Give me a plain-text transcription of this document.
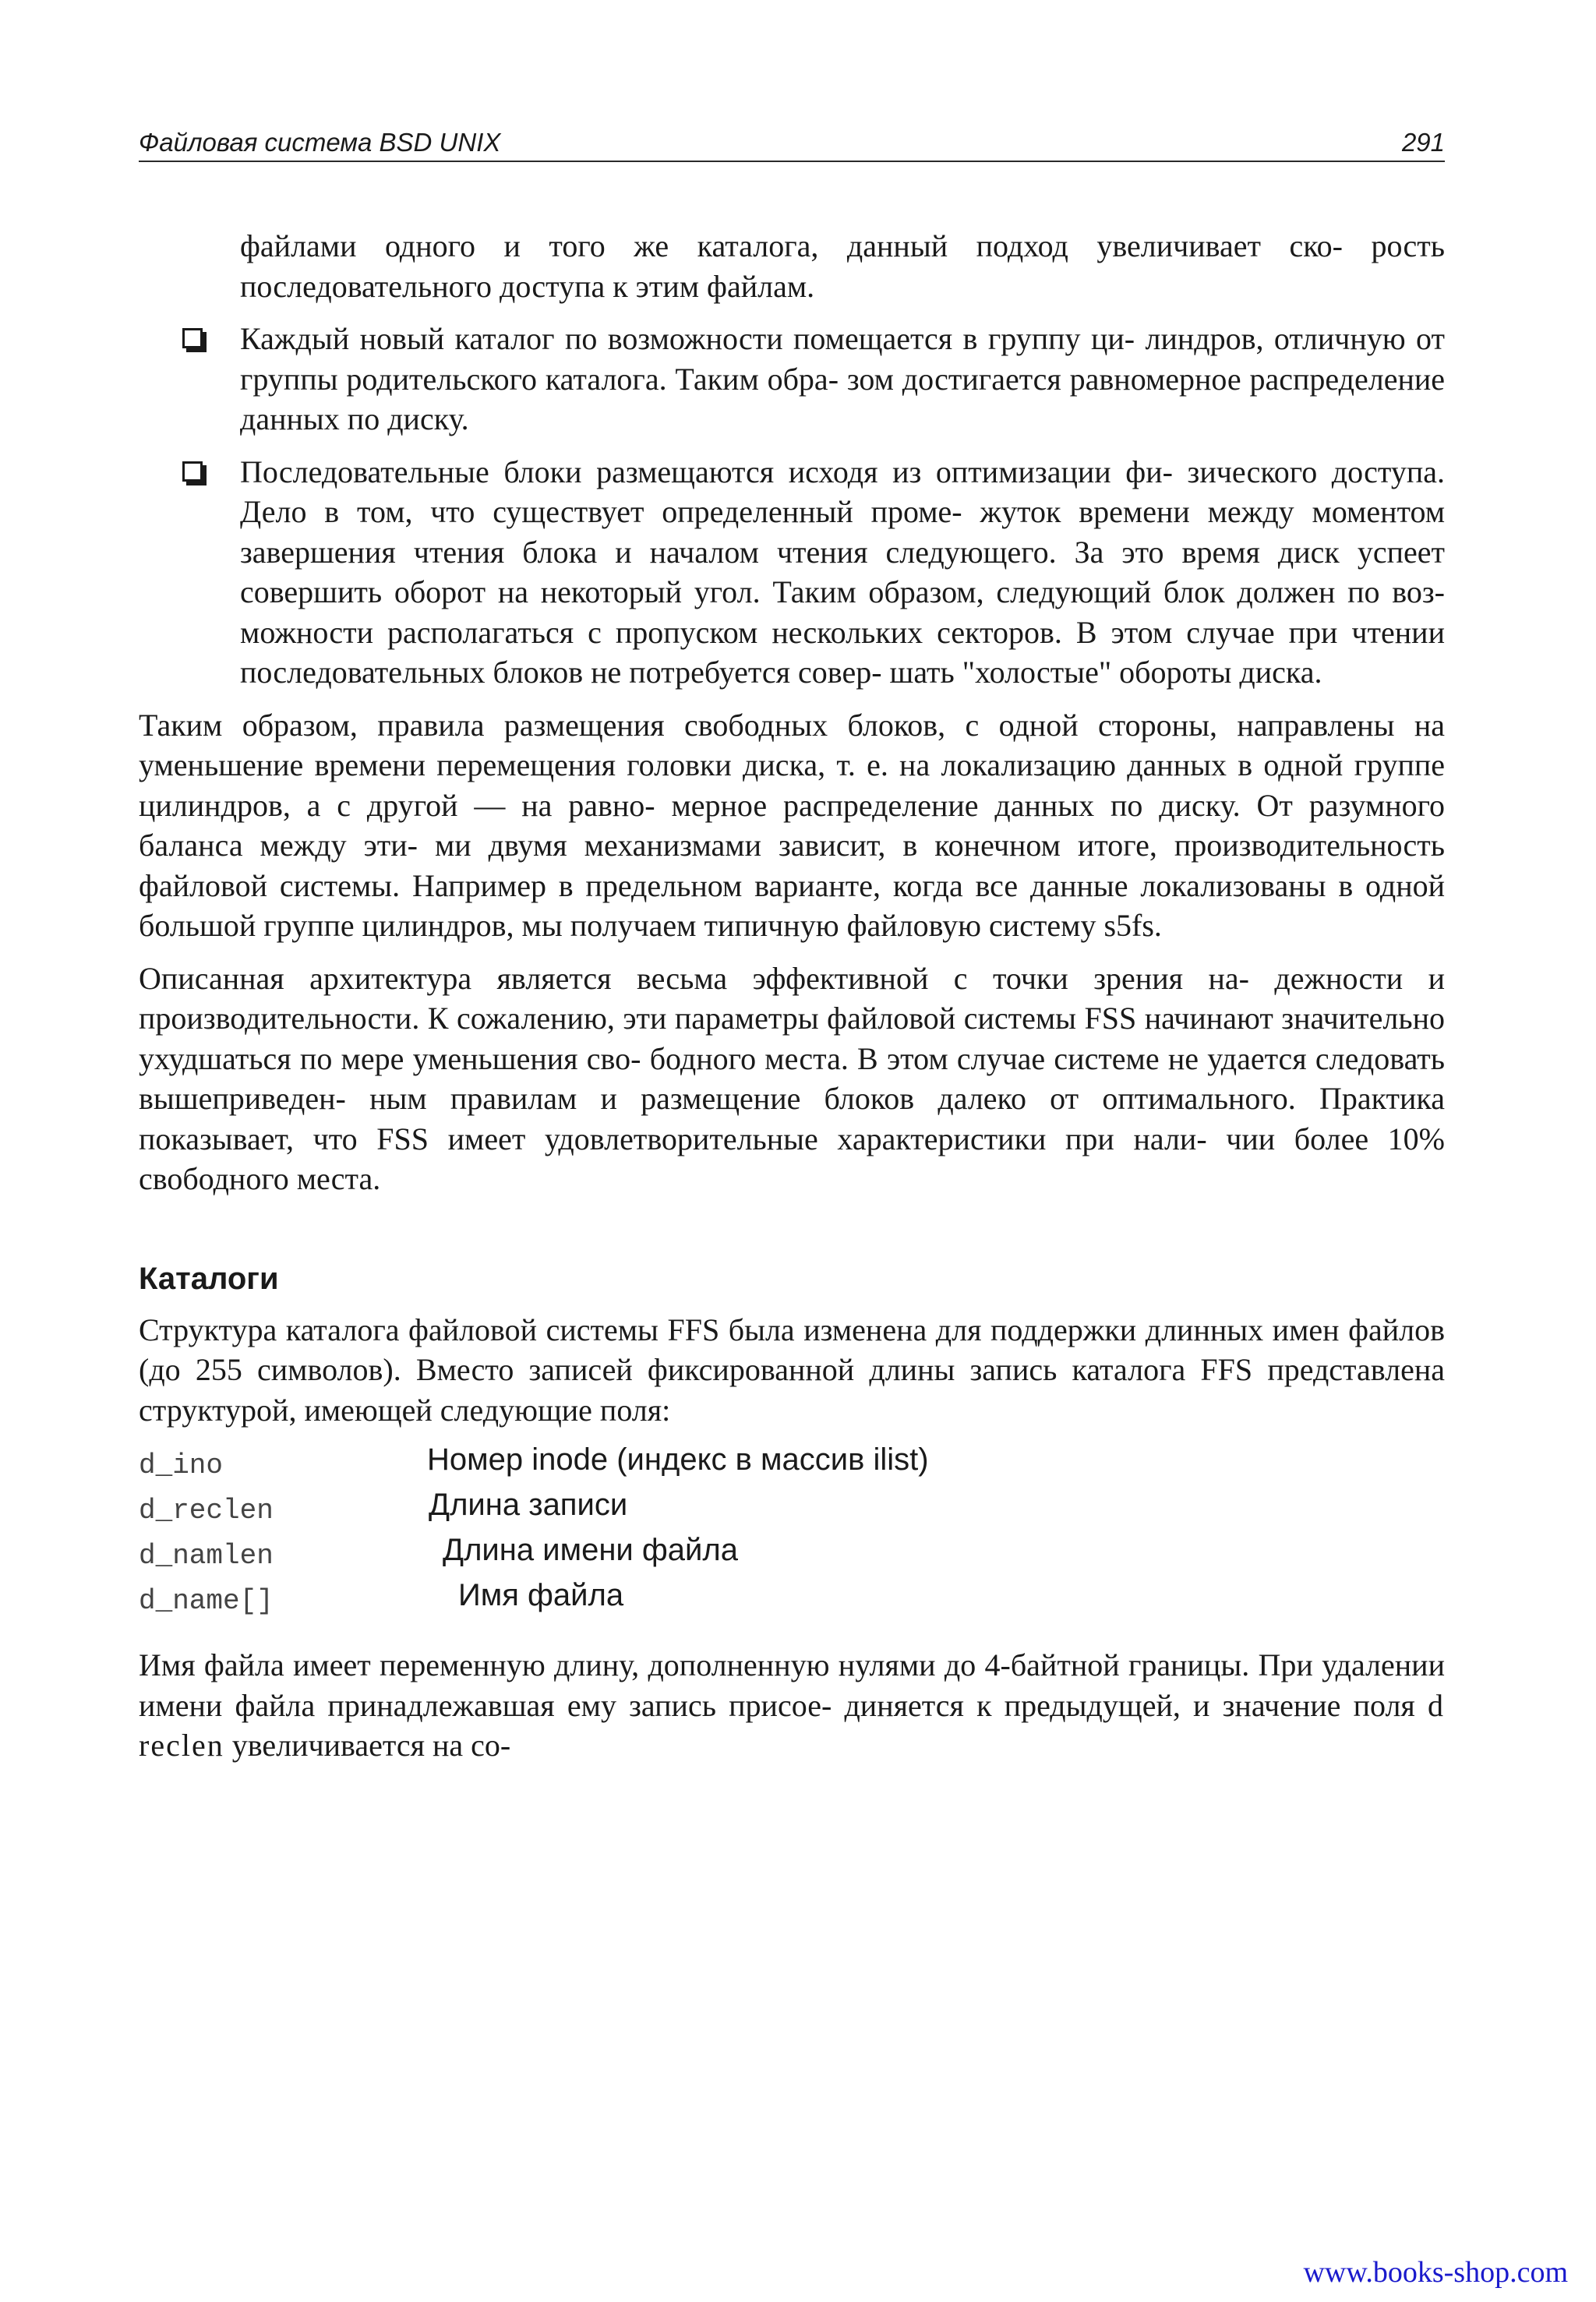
Файловая система BSD UNIX	291

файлами одного и того же каталога, данный подход увеличивает ско- рость последовательного доступа к этим файлам.

Каждый новый каталог по возможности помещается в группу ци- линдров, отличную от группы родительского каталога. Таким обра- зом достигается равномерное распределение данных по диску.

Последовательные блоки размещаются исходя из оптимизации фи- зического доступа. Дело в том, что существует определенный проме- жуток времени между моментом завершения чтения блока и началом чтения следующего. За это время диск успеет совершить оборот на некоторый угол. Таким образом, следующий блок должен по воз- можности располагаться с пропуском нескольких секторов. В этом случае при чтении последовательных блоков не потребуется совер- шать "холостые" обороты диска.

Таким образом, правила размещения свободных блоков, с одной стороны, направлены на уменьшение времени перемещения головки диска, т. е. на локализацию данных в одной группе цилиндров, а с другой — на равно- мерное распределение данных по диску. От разумного баланса между эти- ми двумя механизмами зависит, в конечном итоге, производительность файловой системы. Например в предельном варианте, когда все данные локализованы в одной большой группе цилиндров, мы получаем типичную файловую систему s5fs.

Описанная архитектура является весьма эффективной с точки зрения на- дежности и производительности. К сожалению, эти параметры файловой системы FSS начинают значительно ухудшаться по мере уменьшения сво- бодного места. В этом случае системе не удается следовать вышеприведен- ным правилам и размещение блоков далеко от оптимального. Практика показывает, что FSS имеет удовлетворительные характеристики при нали- чии более 10% свободного места.

Каталоги

Структура каталога файловой системы FFS была изменена для поддержки длинных имен файлов (до 255 символов). Вместо записей фиксированной длины запись каталога FFS представлена структурой, имеющей следующие поля:

d_ino	Номер inode (индекс в массив ilist)
d_reclen	Длина записи
d_namlen	Длина имени файла
d_name[]	Имя файла

Имя файла имеет переменную длину, дополненную нулями до 4-байтной границы. При удалении имени файла принадлежавшая ему запись присое- диняется к предыдущей, и значение поля d reclen увеличивается на со-

www.books-shop.com
